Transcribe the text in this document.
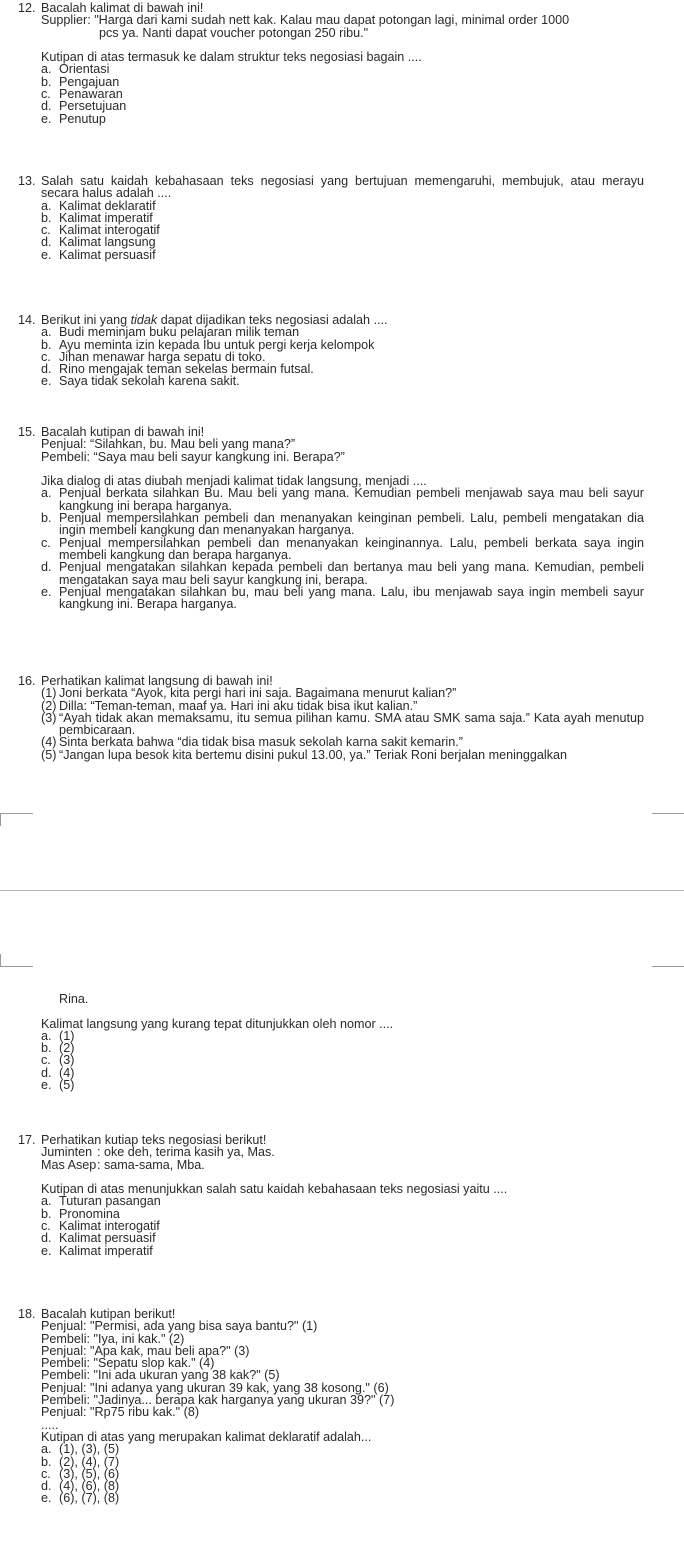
12. Bacalah kalimat di bawah ini!

Supplier: "Harga dari kami sudah nett kak. Kalau mau dapat potongan lagi, minimal order 1000

pcs ya. Nanti dapat voucher potongan 250 ribu."

Kutipan di atas termasuk ke dalam struktur teks negosiasi bagain ....

a. Orientasi

b. Pengajuan

c. Penawaran

d. Persetujuan

e. Penutup

13. Salah satu kaidah kebahasaan teks negosiasi yang bertujuan memengaruhi, membujuk, atau merayu secara halus adalah ....

a. Kalimat deklaratif

b. Kalimat imperatif

c. Kalimat interogatif

d. Kalimat langsung

e. Kalimat persuasif

14. Berikut ini yang tidak dapat dijadikan teks negosiasi adalah ....

a. Budi meminjam buku pelajaran milik teman

b. Ayu meminta izin kepada Ibu untuk pergi kerja kelompok

c. Jihan menawar harga sepatu di toko.

d. Rino mengajak teman sekelas bermain futsal.

e. Saya tidak sekolah karena sakit.

15. Bacalah kutipan di bawah ini!

Penjual: “Silahkan, bu. Mau beli yang mana?”

Pembeli: “Saya mau beli sayur kangkung ini. Berapa?”

Jika dialog di atas diubah menjadi kalimat tidak langsung, menjadi ....

a. Penjual berkata silahkan Bu. Mau beli yang mana. Kemudian pembeli menjawab saya mau beli sayur kangkung ini berapa harganya.

b. Penjual mempersilahkan pembeli dan menanyakan keinginan pembeli. Lalu, pembeli mengatakan dia ingin membeli kangkung dan menanyakan harganya.

c. Penjual mempersilahkan pembeli dan menanyakan keinginannya. Lalu, pembeli berkata saya ingin membeli kangkung dan berapa harganya.

d. Penjual mengatakan silahkan kepada pembeli dan bertanya mau beli yang mana. Kemudian, pembeli mengatakan saya mau beli sayur kangkung ini, berapa.

e. Penjual mengatakan silahkan bu, mau beli yang mana. Lalu, ibu menjawab saya ingin membeli sayur kangkung ini. Berapa harganya.

16. Perhatikan kalimat langsung di bawah ini!

(1) Joni berkata “Ayok, kita pergi hari ini saja. Bagaimana menurut kalian?”

(2) Dilla: “Teman-teman, maaf ya. Hari ini aku tidak bisa ikut kalian.”

(3) “Ayah tidak akan memaksamu, itu semua pilihan kamu. SMA atau SMK sama saja.” Kata ayah menutup pembicaraan.

(4) Sinta berkata bahwa “dia tidak bisa masuk sekolah karna sakit kemarin.”

(5) “Jangan lupa besok kita bertemu disini pukul 13.00, ya.” Teriak Roni berjalan meninggalkan

Rina.

Kalimat langsung yang kurang tepat ditunjukkan oleh nomor ....

a. (1)

b. (2)

c. (3)

d. (4)

e. (5)

17. Perhatikan kutiap teks negosiasi berikut!

Juminten : oke deh, terima kasih ya, Mas.
Mas Asep : sama-sama, Mba.

Kutipan di atas menunjukkan salah satu kaidah kebahasaan teks negosiasi yaitu ....

a. Tuturan pasangan

b. Pronomina

c. Kalimat interogatif

d. Kalimat persuasif

e. Kalimat imperatif

18. Bacalah kutipan berikut!

Penjual: "Permisi, ada yang bisa saya bantu?" (1)

Pembeli: "Iya, ini kak." (2)

Penjual: "Apa kak, mau beli apa?" (3)

Pembeli: "Sepatu slop kak." (4)

Pembeli: "Ini ada ukuran yang 38 kak?" (5)

Penjual: "Ini adanya yang ukuran 39 kak, yang 38 kosong." (6)

Pembeli: "Jadinya... berapa kak harganya yang ukuran 39?" (7)

Penjual: "Rp75 ribu kak." (8)

.....

Kutipan di atas yang merupakan kalimat deklaratif adalah...

a. (1), (3), (5)

b. (2), (4), (7)

c. (3), (5), (6)

d. (4), (6), (8)

e. (6), (7), (8)
